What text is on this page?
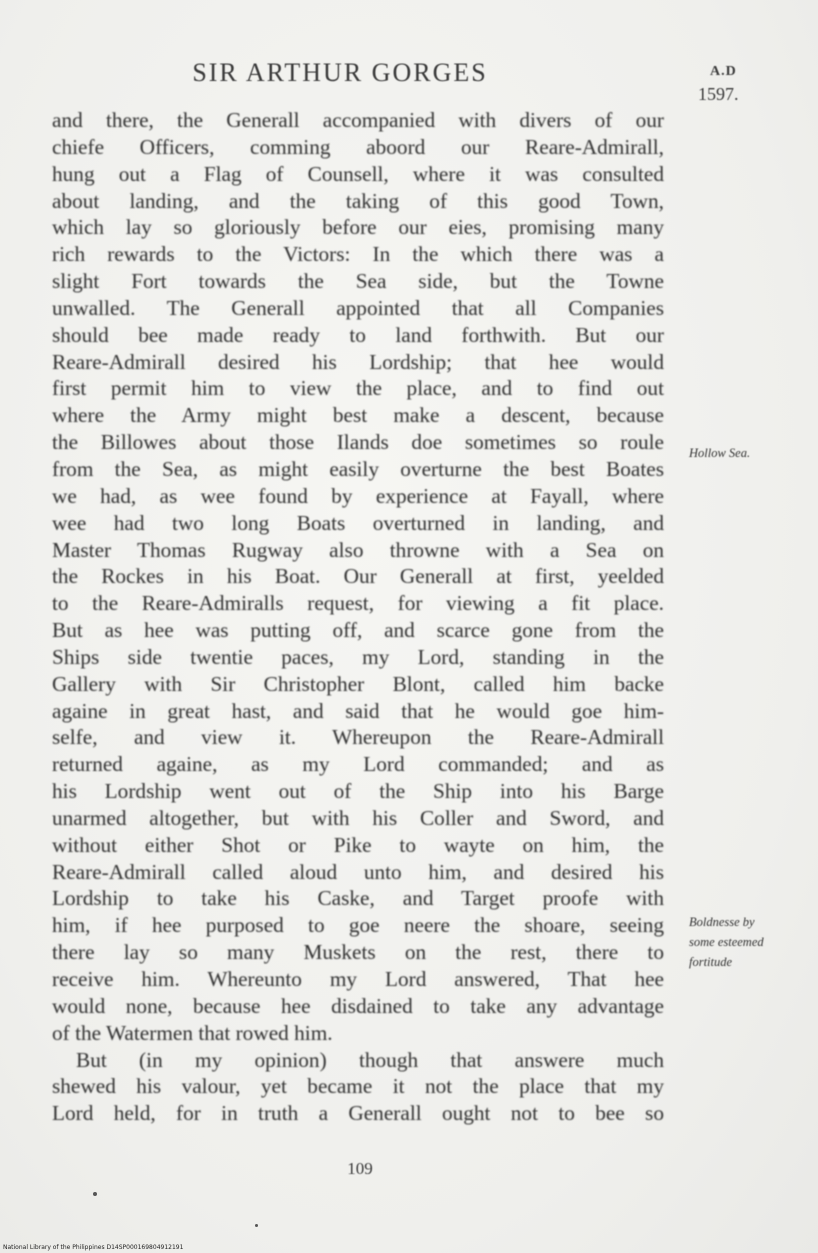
SIR ARTHUR GORGES	A.D
1597.
and there, the Generall accompanied with divers of our
chiefe Officers, comming aboord our Reare-Admirall,
hung out a Flag of Counsell, where it was consulted
about landing, and the taking of this good Town,
which lay so gloriously before our eies, promising many
rich rewards to the Victors: In the which there was a
slight Fort towards the Sea side, but the Towne
unwalled. The Generall appointed that all Companies
should bee made ready to land forthwith. But our
Reare-Admirall desired his Lordship; that hee would
first permit him to view the place, and to find out
where the Army might best make a descent, because
the Billowes about those Ilands doe sometimes so roule
from the Sea, as might easily overturne the best Boates
we had, as wee found by experience at Fayall, where
wee had two long Boats overturned in landing, and
Master Thomas Rugway also throwne with a Sea on
the Rockes in his Boat. Our Generall at first, yeelded
to the Reare-Admiralls request, for viewing a fit place.
But as hee was putting off, and scarce gone from the
Ships side twentie paces, my Lord, standing in the
Gallery with Sir Christopher Blont, called him backe
againe in great hast, and said that he would goe him-
selfe, and view it. Whereupon the Reare-Admirall
returned againe, as my Lord commanded; and as
his Lordship went out of the Ship into his Barge
unarmed altogether, but with his Coller and Sword, and
without either Shot or Pike to wayte on him, the
Reare-Admirall called aloud unto him, and desired his
Lordship to take his Caske, and Target proofe with
him, if hee purposed to goe neere the shoare, seeing
there lay so many Muskets on the rest, there to
receive him. Whereunto my Lord answered, That hee
would none, because hee disdained to take any advantage
of the Watermen that rowed him.
But (in my opinion) though that answere much
shewed his valour, yet became it not the place that my
Lord held, for in truth a Generall ought not to bee so
Hollow Sea.
Boldnesse by
some esteemed
fortitude
109
National Library of the Philippines D14SP000169804912191
